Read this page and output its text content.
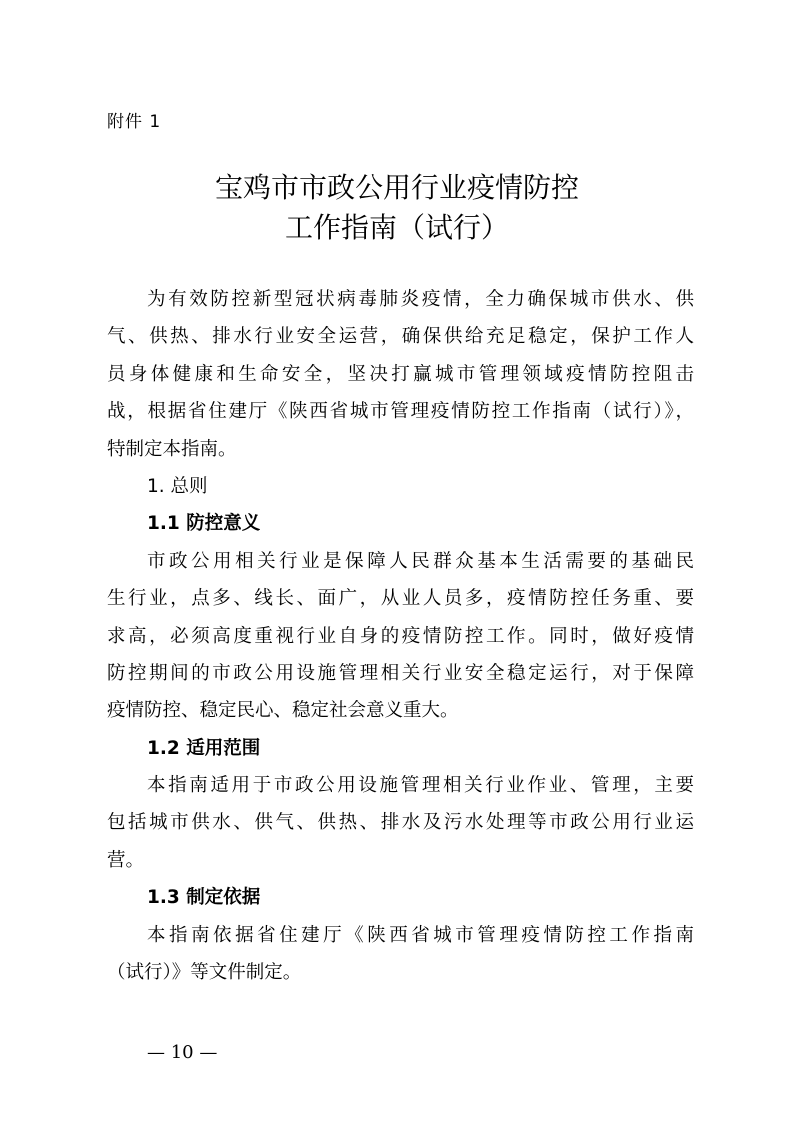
附件 1
宝鸡市市政公用行业疫情防控
工作指南（试行）
为有效防控新型冠状病毒肺炎疫情，全力确保城市供水、供
气、供热、排水行业安全运营，确保供给充足稳定，保护工作人
员身体健康和生命安全，坚决打赢城市管理领域疫情防控阻击
战，根据省住建厅《陕西省城市管理疫情防控工作指南（试行）》，
特制定本指南。
1. 总则
1.1 防控意义
市政公用相关行业是保障人民群众基本生活需要的基础民
生行业，点多、线长、面广，从业人员多，疫情防控任务重、要
求高，必须高度重视行业自身的疫情防控工作。同时，做好疫情
防控期间的市政公用设施管理相关行业安全稳定运行，对于保障
疫情防控、稳定民心、稳定社会意义重大。
1.2 适用范围
本指南适用于市政公用设施管理相关行业作业、管理，主要
包括城市供水、供气、供热、排水及污水处理等市政公用行业运
营。
1.3 制定依据
本指南依据省住建厅《陕西省城市管理疫情防控工作指南
（试行）》等文件制定。
— 10 —
